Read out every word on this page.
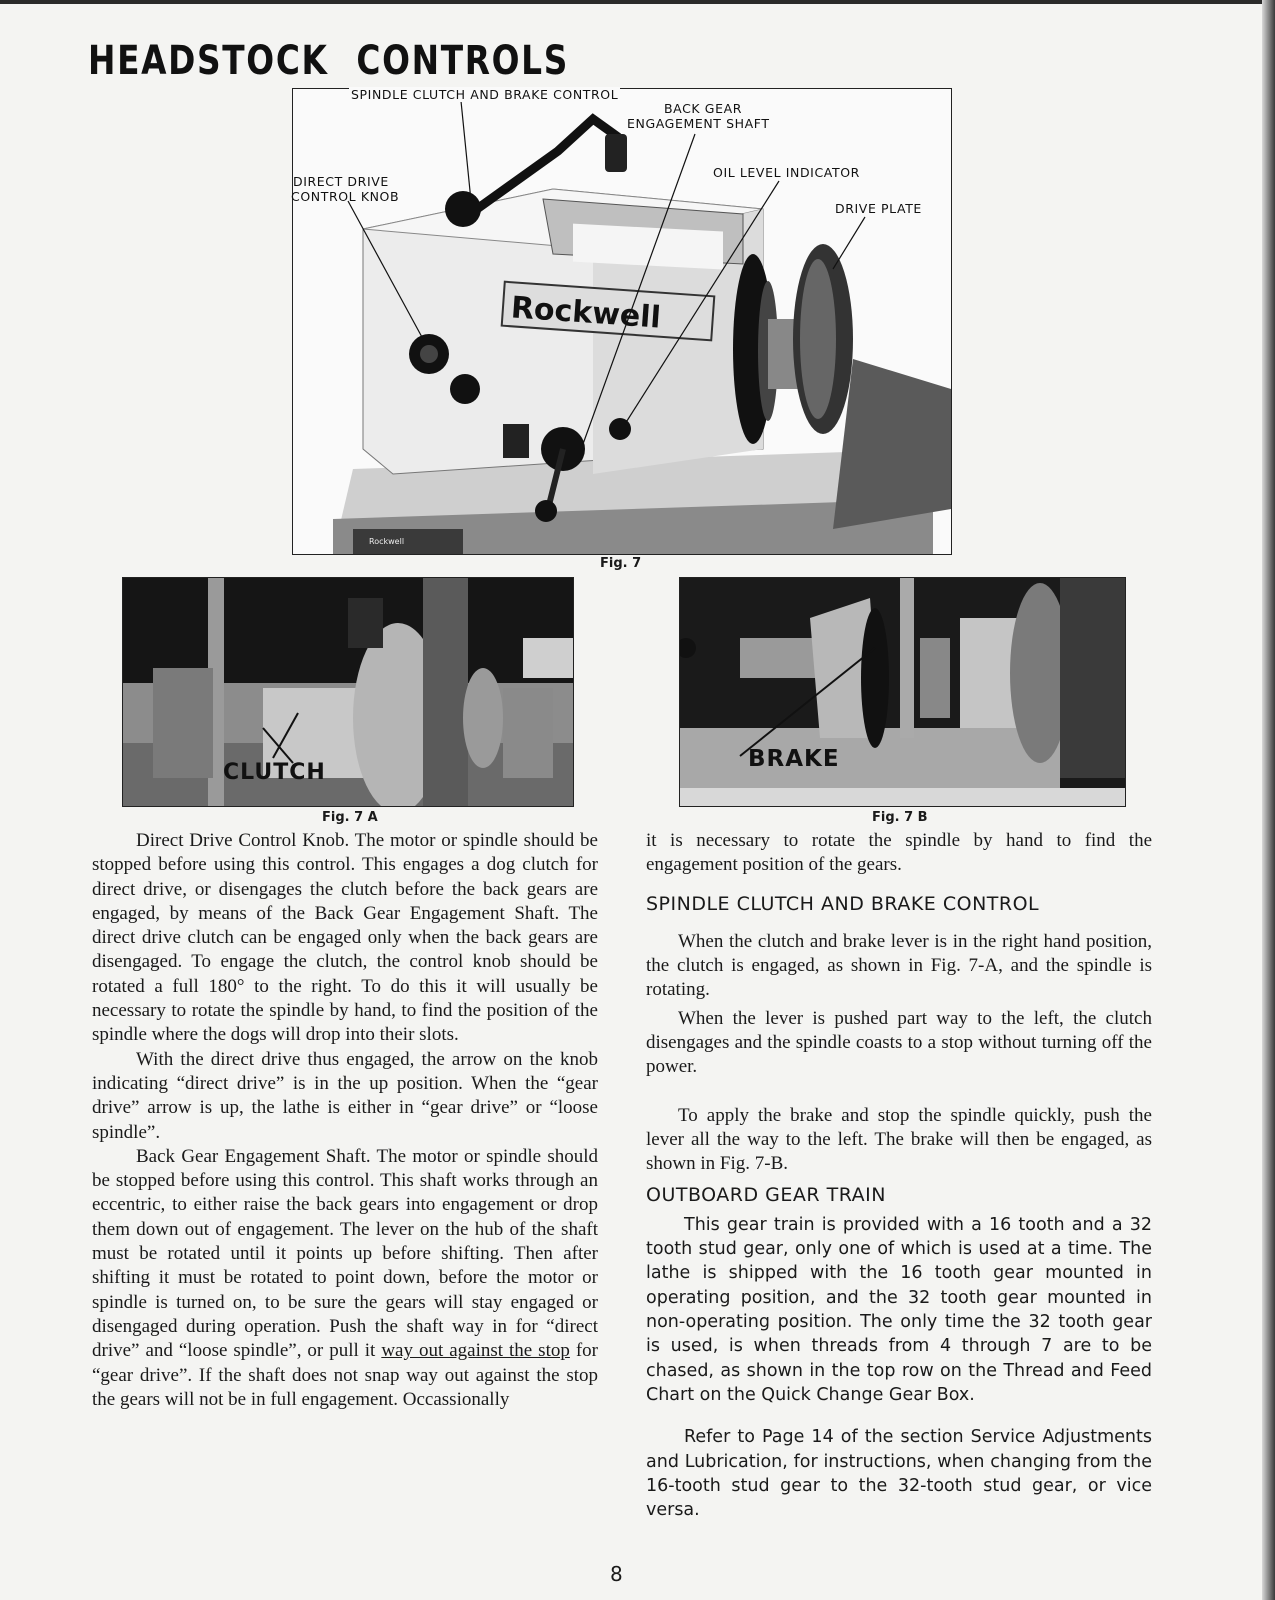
HEADSTOCK CONTROLS
Rockwell
Rockwell
SPINDLE CLUTCH AND BRAKE CONTROL
BACK GEAR
ENGAGEMENT SHAFT
OIL LEVEL INDICATOR
DRIVE PLATE
DIRECT DRIVE
CONTROL KNOB
Fig. 7
CLUTCH
Fig. 7 A
BRAKE
Fig. 7 B

Direct Drive Control Knob. The motor or spindle should be stopped before using this control. This engages a dog clutch for direct drive, or disengages the clutch before the back gears are engaged, by means of the Back Gear Engagement Shaft. The direct drive clutch can be engaged only when the back gears are disengaged. To engage the clutch, the control knob should be rotated a full 180° to the right. To do this it will usually be necessary to rotate the spindle by hand, to find the position of the spindle where the dogs will drop into their slots.

With the direct drive thus engaged, the arrow on the knob indicating “direct drive” is in the up position. When the “gear drive” arrow is up, the lathe is either in “gear drive” or “loose spindle”.

Back Gear Engagement Shaft. The motor or spindle should be stopped before using this control. This shaft works through an eccentric, to either raise the back gears into engagement or drop them down out of engagement. The lever on the hub of the shaft must be rotated until it points up before shifting. Then after shifting it must be rotated to point down, before the motor or spindle is turned on, to be sure the gears will stay engaged or disengaged during operation. Push the shaft way in for “direct drive” and “loose spindle”, or pull it way out against the stop for “gear drive”. If the shaft does not snap way out against the stop the gears will not be in full engagement. Occassionally

it is necessary to rotate the spindle by hand to find the engagement position of the gears.

SPINDLE CLUTCH AND BRAKE CONTROL

When the clutch and brake lever is in the right hand position, the clutch is engaged, as shown in Fig. 7-A, and the spindle is rotating.

When the lever is pushed part way to the left, the clutch disengages and the spindle coasts to a stop without turning off the power.

To apply the brake and stop the spindle quickly, push the lever all the way to the left. The brake will then be engaged, as shown in Fig. 7-B.

OUTBOARD GEAR TRAIN

This gear train is provided with a 16 tooth and a 32 tooth stud gear, only one of which is used at a time. The lathe is shipped with the 16 tooth gear mounted in operating position, and the 32 tooth gear mounted in non-operating position. The only time the 32 tooth gear is used, is when threads from 4 through 7 are to be chased, as shown in the top row on the Thread and Feed Chart on the Quick Change Gear Box.

Refer to Page 14 of the section Service Adjustments and Lubrication, for instructions, when changing from the 16-tooth stud gear to the 32-tooth stud gear, or vice versa.

8
